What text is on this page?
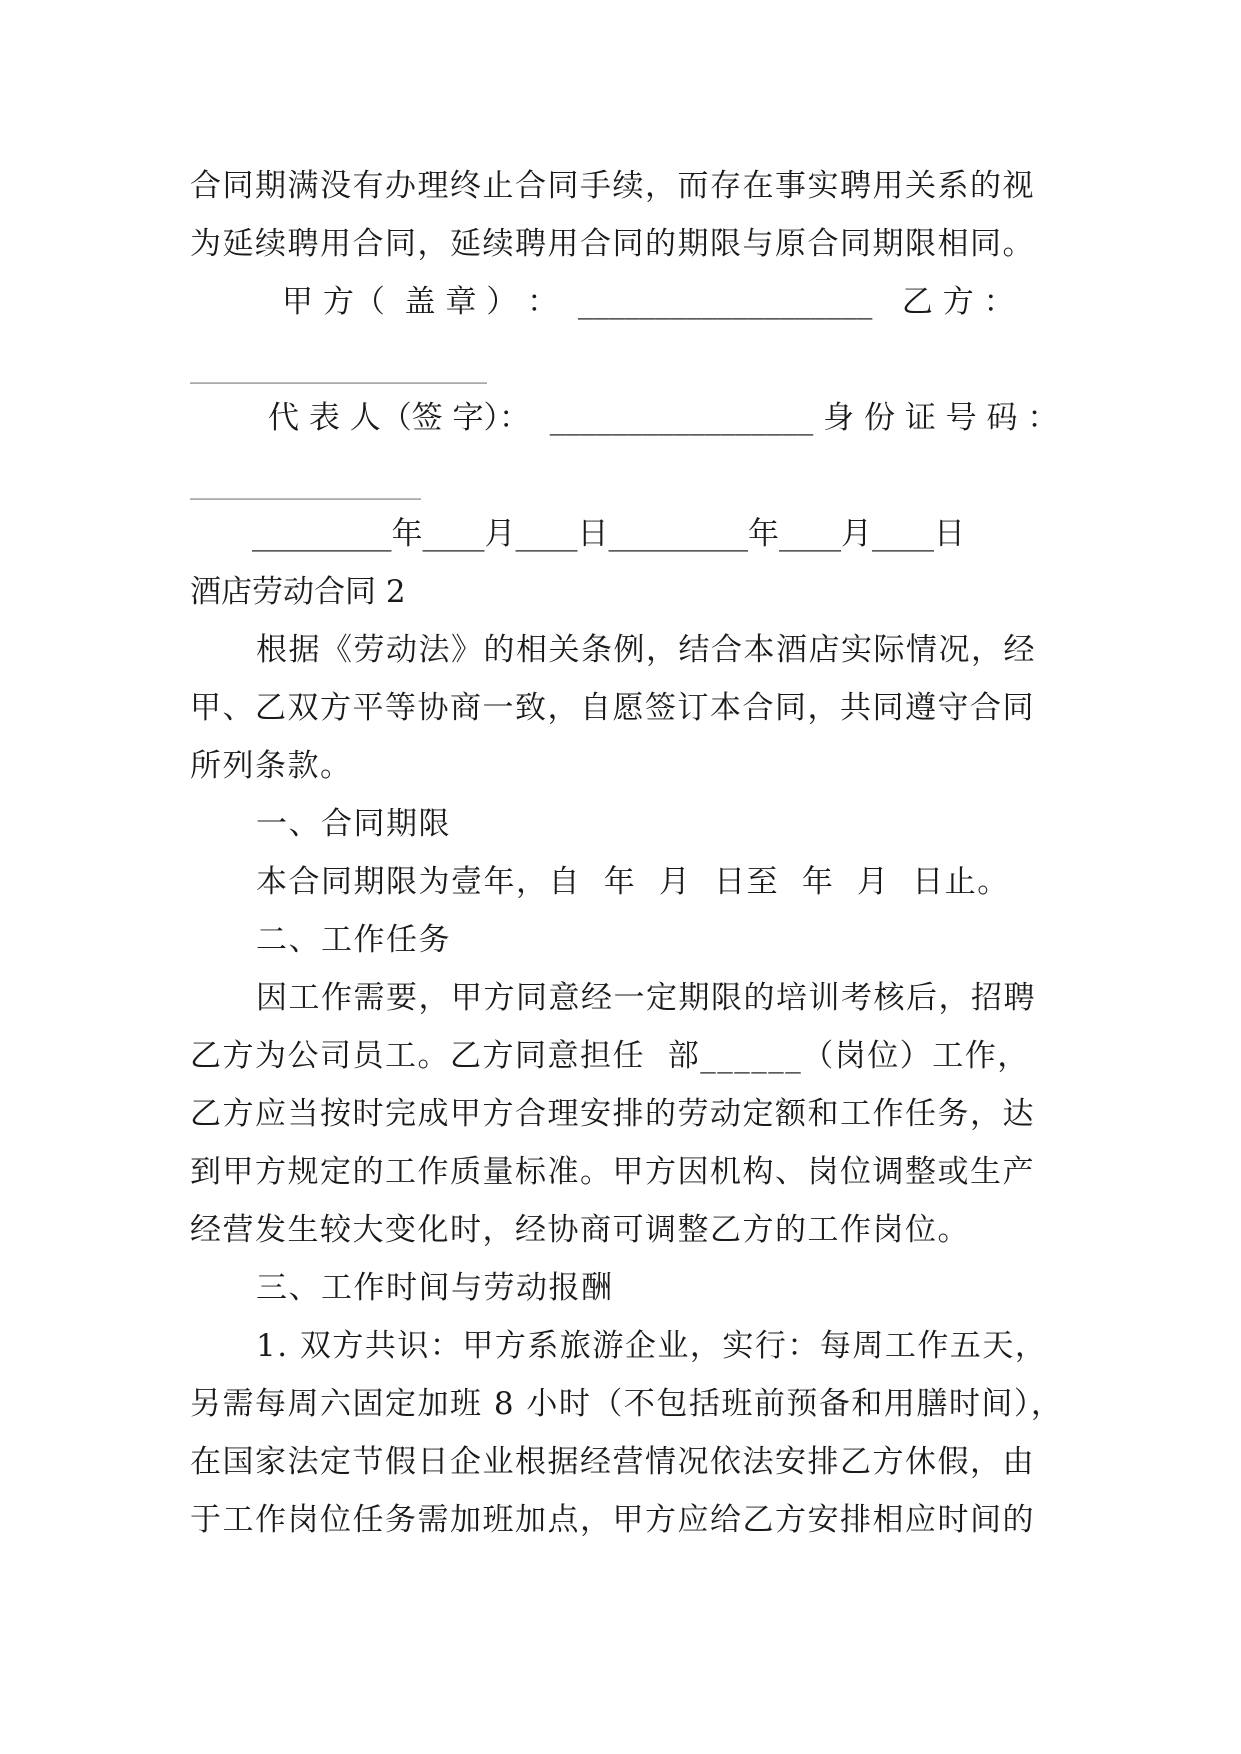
合同期满没有办理终止合同手续，而存在事实聘用关系的视
为延续聘用合同，延续聘用合同的期限与原合同期限相同。
甲 方（  盖 章 ） ：  ___________________   乙 方 ：
___________________________
代 表 人（签 字）：  _________________ 身 份 证 号 码 ：
_____________________
_________年____月____日_________年____月____日
酒店劳动合同 2
根据《劳动法》的相关条例，结合本酒店实际情况，经
甲、乙双方平等协商一致，自愿签订本合同，共同遵守合同
所列条款。
一、合同期限
本合同期限为壹年，自  年  月  日至  年  月  日止。
二、工作任务
因工作需要，甲方同意经一定期限的培训考核后，招聘
乙方为公司员工。乙方同意担任  部______（岗位）工作，
乙方应当按时完成甲方合理安排的劳动定额和工作任务，达
到甲方规定的工作质量标准。甲方因机构、岗位调整或生产
经营发生较大变化时，经协商可调整乙方的工作岗位。
三、工作时间与劳动报酬
1. 双方共识：甲方系旅游企业，实行：每周工作五天，
另需每周六固定加班 8 小时（不包括班前预备和用膳时间），
在国家法定节假日企业根据经营情况依法安排乙方休假，由
于工作岗位任务需加班加点，甲方应给乙方安排相应时间的
